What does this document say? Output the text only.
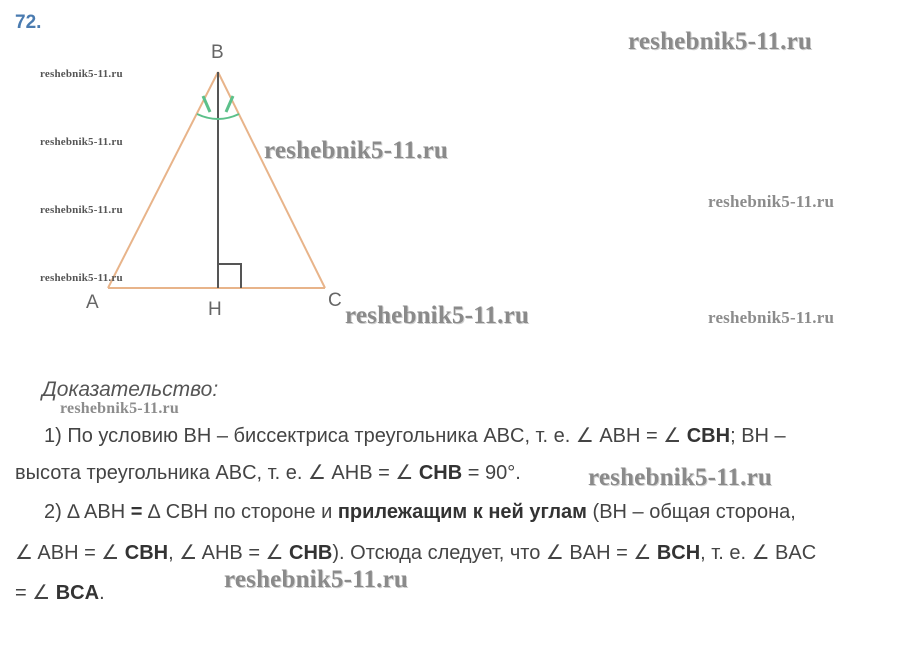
72.
B
A	H	C
reshebnik5-11.ru
reshebnik5-11.ru
reshebnik5-11.ru
reshebnik5-11.ru
reshebnik5-11.ru
reshebnik5-11.ru
reshebnik5-11.ru
reshebnik5-11.ru
reshebnik5-11.ru
reshebnik5-11.ru
reshebnik5-11.ru
reshebnik5-11.ru
Доказательство:
1) По условию BH – биссектриса треугольника ABC, т. е. ∠ ABH = ∠ CBH; BH –
высота треугольника ABC, т. е. ∠ AHB = ∠ CHB = 90°.
2) ∆ ABH = ∆ CBH по стороне и прилежащим к ней углам (BH – общая сторона,
∠ ABH = ∠ CBH, ∠ AHB = ∠ CHB). Отсюда следует, что ∠ BAH = ∠ BCH, т. е. ∠ BAC
= ∠ BCA.
